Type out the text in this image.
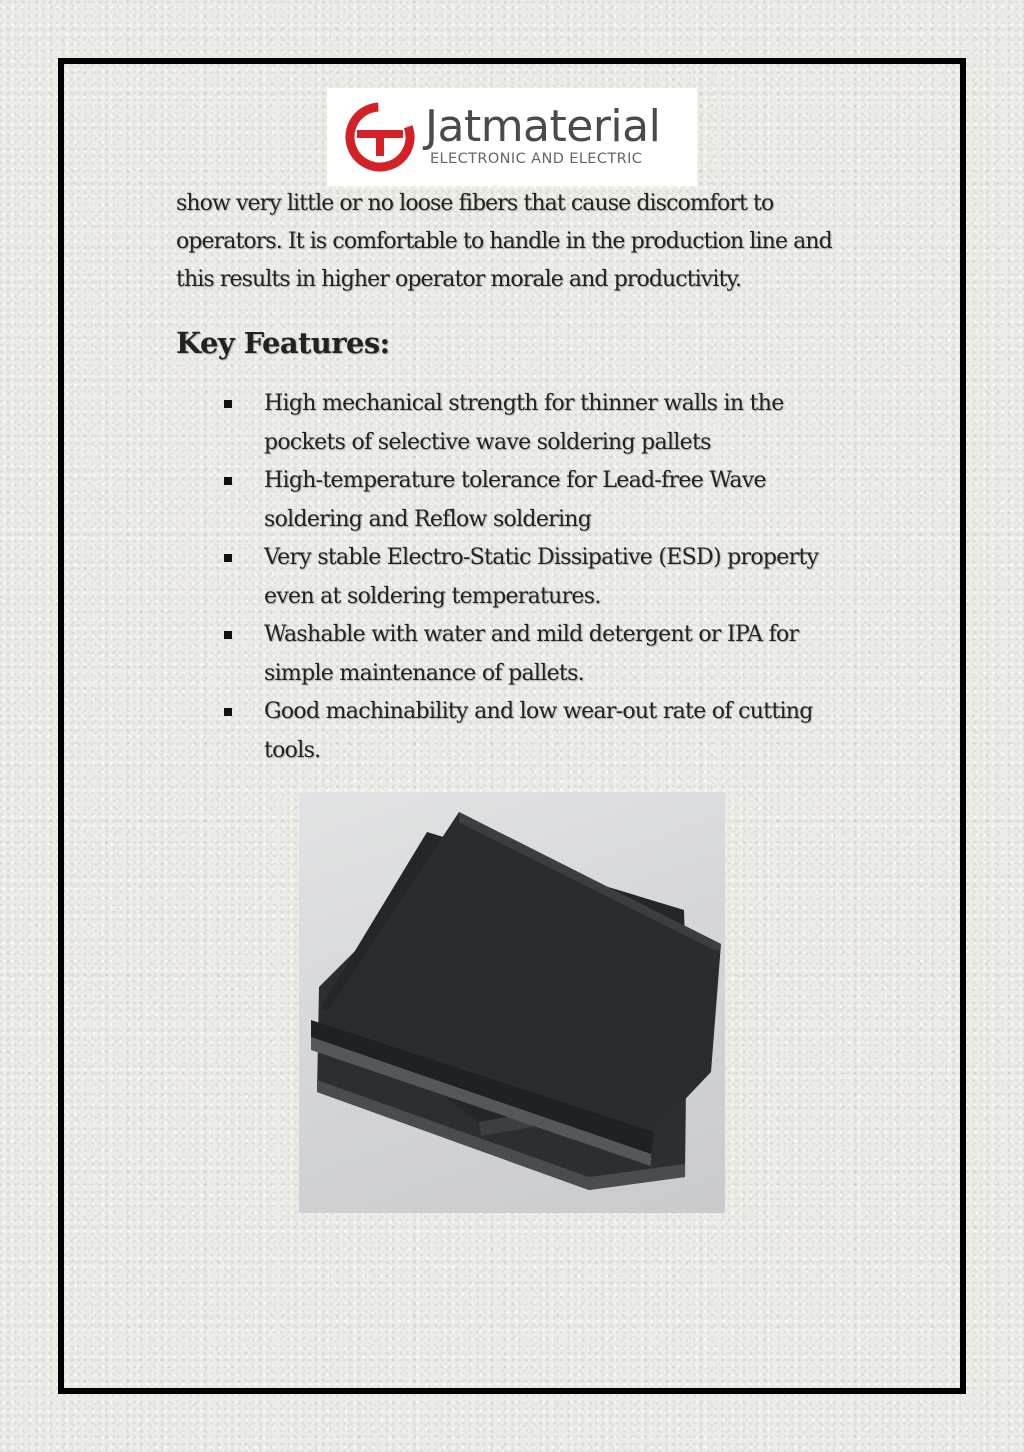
Jatmaterial
ELECTRONIC AND ELECTRIC

show very little or no loose fibers that cause discomfort to operators. It is comfortable to handle in the production line and this results in higher operator morale and productivity.

Key Features:
High mechanical strength for thinner walls in the pockets of selective wave soldering pallets
High-temperature tolerance for Lead-free Wave soldering and Reflow soldering
Very stable Electro-Static Dissipative (ESD) property even at soldering temperatures.
Washable with water and mild detergent or IPA for simple maintenance of pallets.
Good machinability and low wear-out rate of cutting tools.
